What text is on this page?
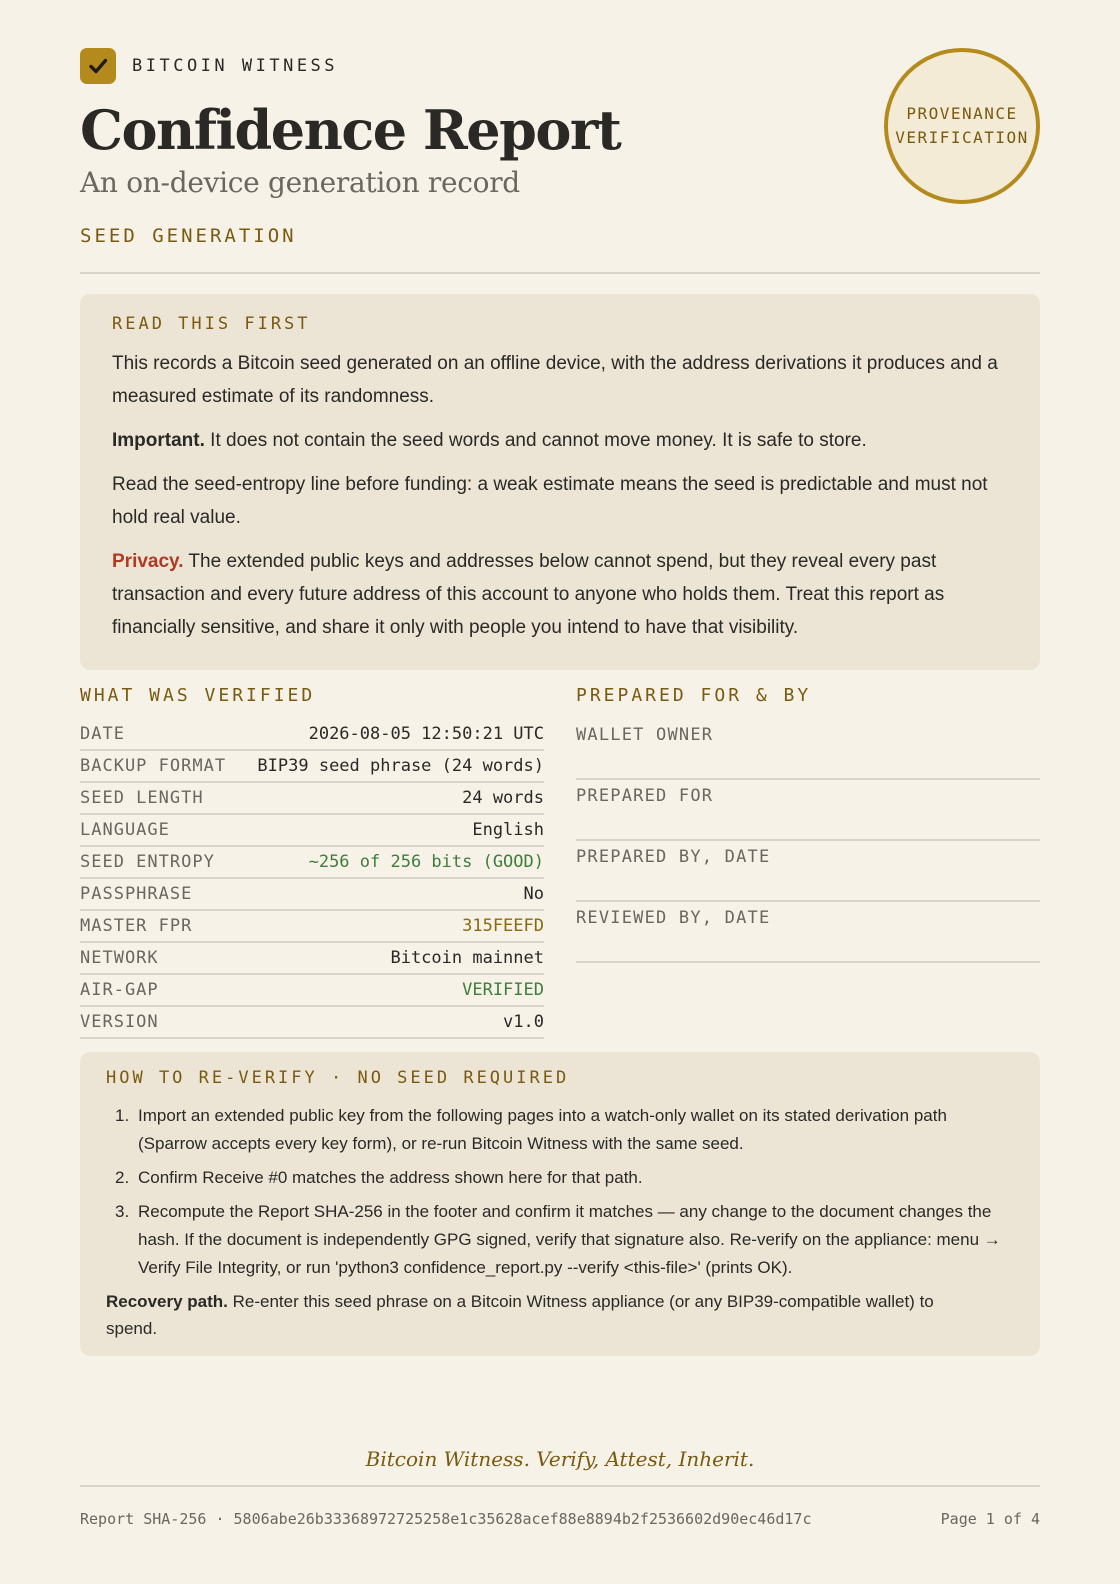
BITCOIN WITNESS
Confidence Report
An on-device generation record
SEED GENERATION
PROVENANCE
VERIFICATION
READ THIS FIRST

This records a Bitcoin seed generated on an offline device, with the address derivations it produces and a measured estimate of its randomness.

Important. It does not contain the seed words and cannot move money. It is safe to store.

Read the seed-entropy line before funding: a weak estimate means the seed is predictable and must not hold real value.

Privacy. The extended public keys and addresses below cannot spend, but they reveal every past transaction and every future address of this account to anyone who holds them. Treat this report as financially sensitive, and share it only with people you intend to have that visibility.

WHAT WAS VERIFIED	PREPARED FOR & BY
DATE	2026-08-05 12:50:21 UTC
BACKUP FORMAT BIP39 seed phrase (24 words)
SEED LENGTH	24 words
LANGUAGE	English
SEED ENTROPY	~256 of 256 bits (GOOD)
PASSPHRASE	No
MASTER FPR	315FEEFD
NETWORK	Bitcoin mainnet
AIR-GAP	VERIFIED
VERSION	v1.0
WALLET OWNER
PREPARED FOR
PREPARED BY, DATE
REVIEWED BY, DATE
HOW TO RE-VERIFY · NO SEED REQUIRED
1. Import an extended public key from the following pages into a watch-only wallet on its stated derivation path (Sparrow accepts every key form), or re-run Bitcoin Witness with the same seed.
2. Confirm Receive #0 matches the address shown here for that path.
3. Recompute the Report SHA-256 in the footer and confirm it matches — any change to the document changes the hash. If the document is independently GPG signed, verify that signature also. Re-verify on the appliance: menu → Verify File Integrity, or run 'python3 confidence_report.py --verify <this-file>' (prints OK).

Recovery path. Re-enter this seed phrase on a Bitcoin Witness appliance (or any BIP39-compatible wallet) to spend.

Bitcoin Witness. Verify, Attest, Inherit.
Report SHA-256 · 5806abe26b33368972725258e1c35628acef88e8894b2f2536602d90ec46d17c	Page 1 of 4
